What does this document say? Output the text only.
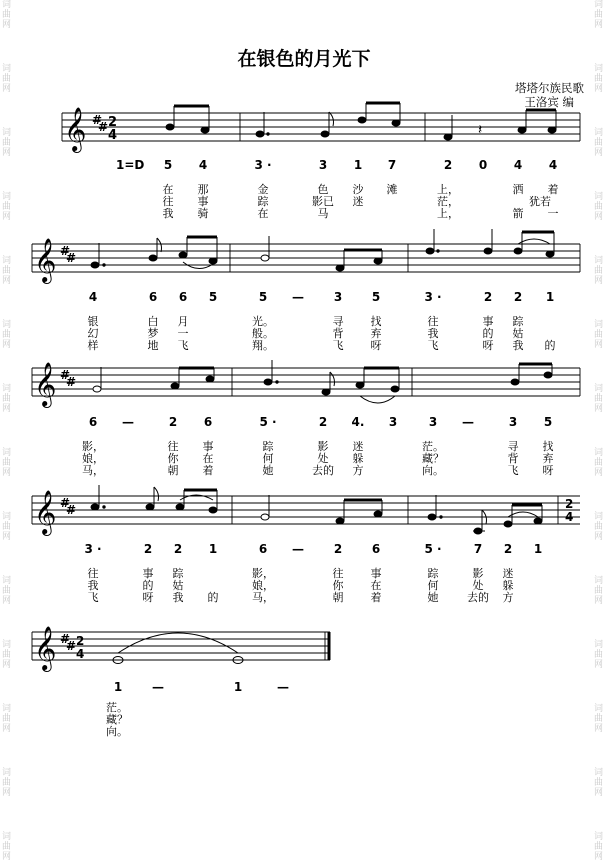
词
曲
网
词
曲
网
词
曲
网
词
曲
网
词
曲
网
词
曲
网
词
曲
网
词
曲
网
词
曲
网
词
曲
网
词
曲
网
词
曲
网
词
曲
网
词
曲
网
词
曲
网
词
曲
网
词
曲
网
词
曲
网
词
曲
网
词
曲
网
词
曲
网
词
曲
网
词
曲
网
词
曲
网
词
曲
网
词
曲
网
词
曲
网
词
曲
网
在银色的月光下
塔塔尔族民歌
王洛宾 编
𝄞 #
# 2
4	𝄽
1=D 5 4	3 ·	3 1 7	2 0 4 4
在 那	金	色 沙 滩	上，	洒 着
往 事	踪	影已 迷	茫，	犹若
我 骑	在	马	上，	箭 一
𝄞 #
#
4	6 6 5	5 — 3 5	3 ·	2 2 1
银	白 月	光。	寻 找	往	事 踪
幻	梦 一	般。	背 弃	我	的 姑
样	地 飞	翔。	飞 呀	飞	呀 我 的
𝄞 #
#
6 —	2 6	5 ·	2 4. 3	3 —	3 5
影，	往 事	踪	影 迷	茫。	寻 找
娘，	你 在	何	处 躲	藏？	背 弃
马，	朝 着	她	去的 方	向。	飞 呀
𝄞 #
#	2
4
3 ·	2 2 1	6 — 2 6	5 ·	7 2 1
往	事 踪	影，	往 事	踪	影 迷
我	的 姑	娘，	你 在	何	处 躲
飞	呀 我 的	马，	朝 着	她	去的 方
𝄞 #
# 2
4
1 —	1	—
茫。
藏？
向。
